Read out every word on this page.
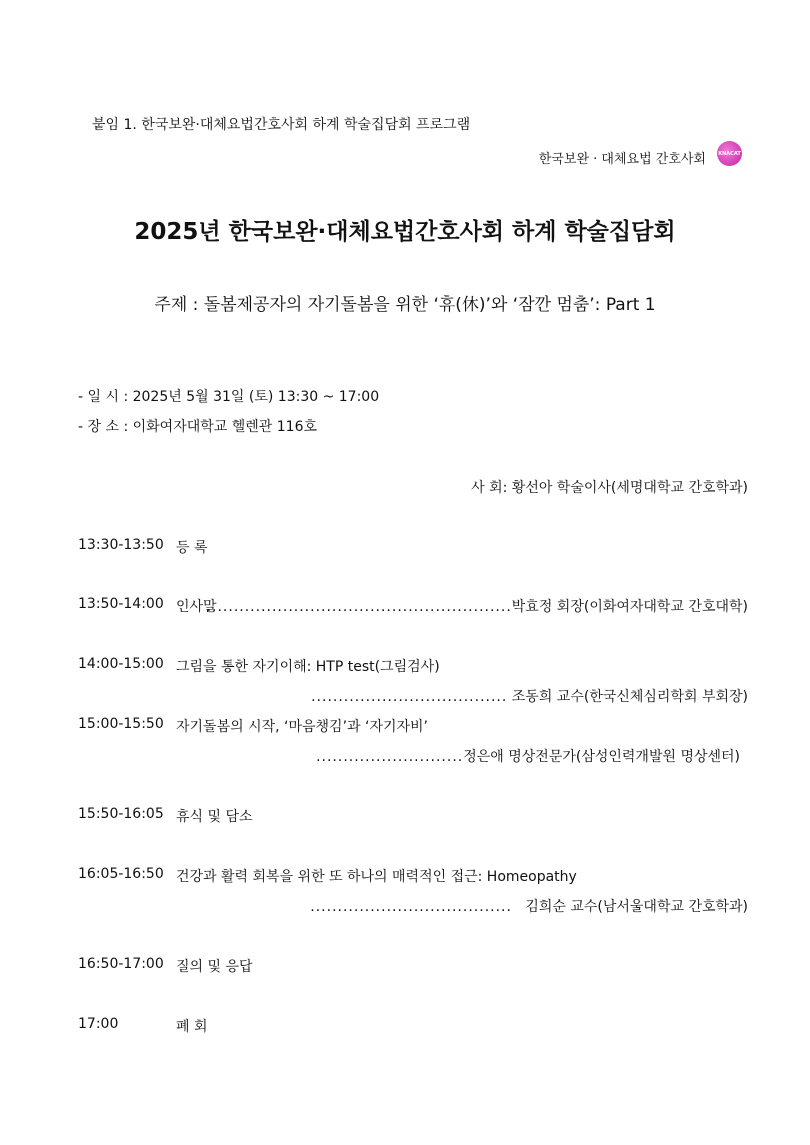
붙임 1. 한국보완·대체요법간호사회 하계 학술집담회 프로그램
한국보완 · 대체요법 간호사회 KNACAT
2025년 한국보완·대체요법간호사회 하계 학술집담회
주제 : 돌봄제공자의 자기돌봄을 위한 ‘휴(休)’와 ‘잠깐 멈춤’: Part 1
- 일 시 : 2025년 5월 31일 (토) 13:30 ~ 17:00
- 장 소 : 이화여자대학교 헬렌관 116호
사 회: 황선아 학술이사(세명대학교 간호학과)
13:30-13:50 등 록
13:50-14:00 인사말
........................................................박효정 회장(이화여자대학교 간호대학)
14:00-15:00 그림을 통한 자기이해: HTP test(그림검사)
.................................... 조동희 교수(한국신체심리학회 부회장)
15:00-15:50 자기돌봄의 시작, ‘마음챙김’과 ‘자기자비’
...........................정은애 명상전문가(삼성인력개발원 명상센터)
15:50-16:05 휴식 및 담소
16:05-16:50 건강과 활력 회복을 위한 또 하나의 매력적인 접근: Homeopathy
..................................... 김희순 교수(남서울대학교 간호학과)
16:50-17:00 질의 및 응답
17:00	폐 회
